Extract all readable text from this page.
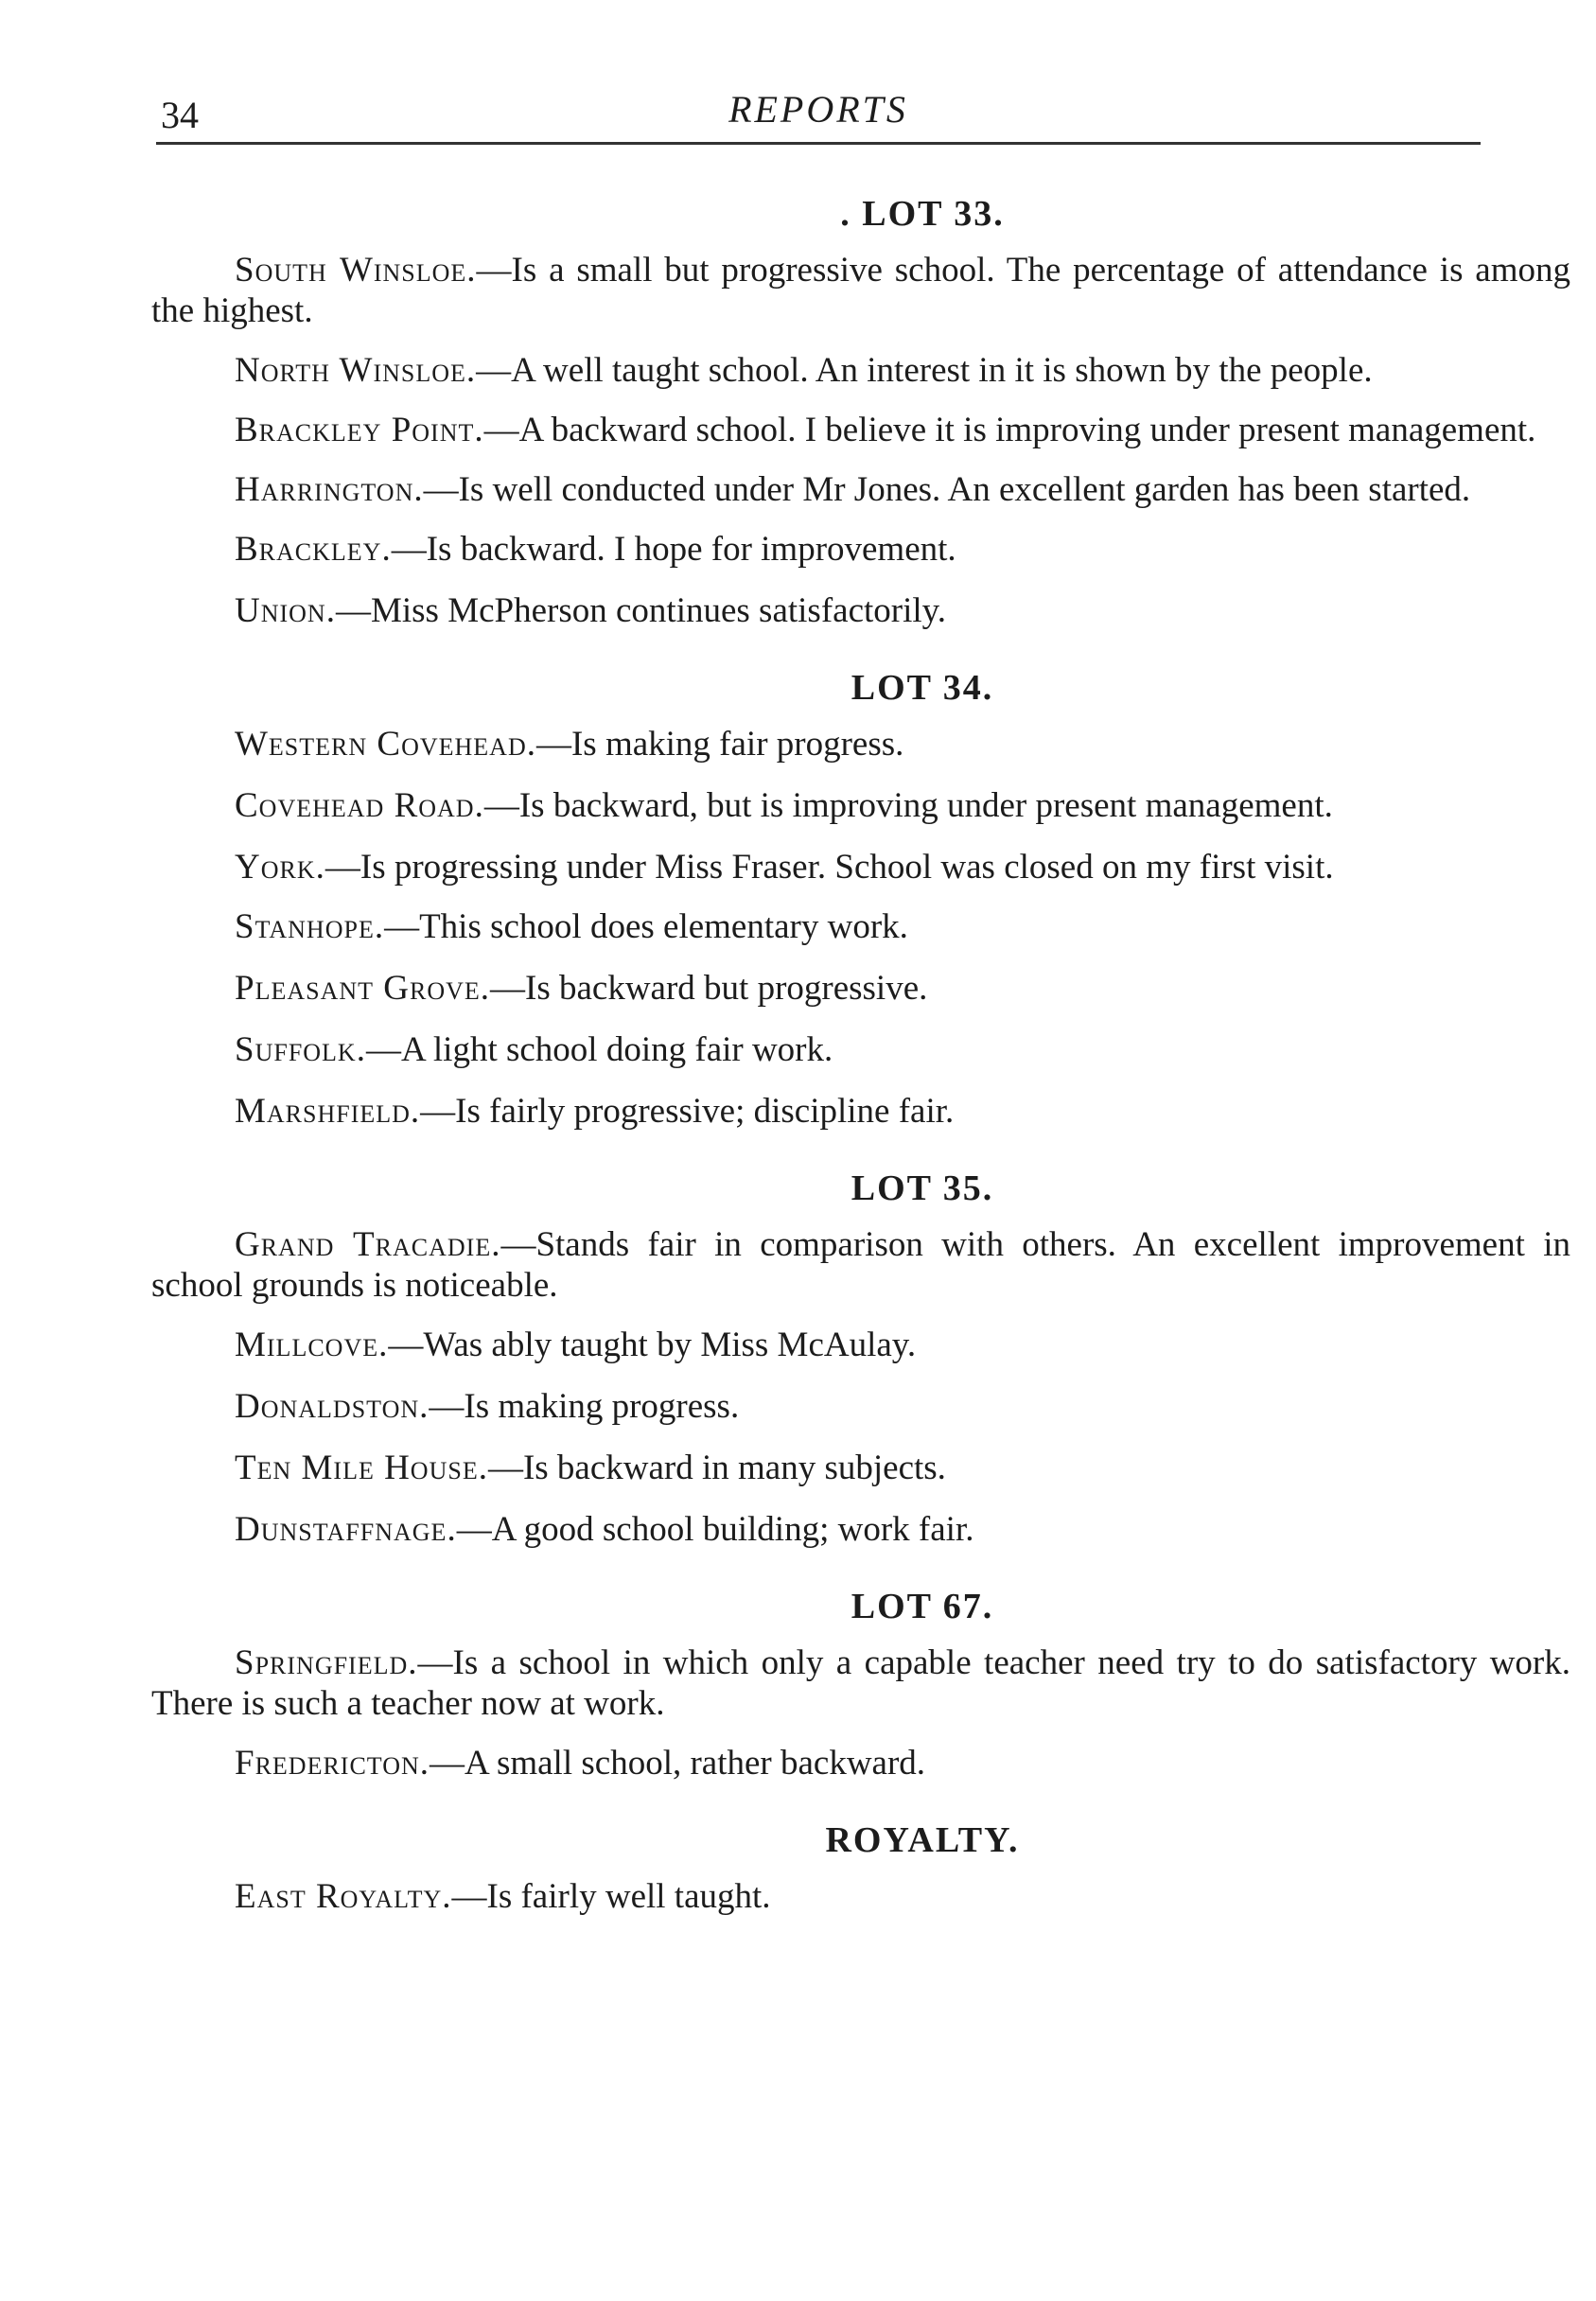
34	REPORTS
. LOT 33.

South Winsloe.—Is a small but progressive school. The percentage of attendance is among the highest.

North Winsloe.—A well taught school. An interest in it is shown by the people.

Brackley Point.—A backward school. I believe it is improving under present management.

Harrington.—Is well conducted under Mr Jones. An excellent garden has been started.

Brackley.—Is backward. I hope for improvement.

Union.—Miss McPherson continues satisfactorily.

LOT 34.

Western Covehead.—Is making fair progress.

Covehead Road.—Is backward, but is improving under present management.

York.—Is progressing under Miss Fraser. School was closed on my first visit.

Stanhope.—This school does elementary work.

Pleasant Grove.—Is backward but progressive.

Suffolk.—A light school doing fair work.

Marshfield.—Is fairly progressive; discipline fair.

LOT 35.

Grand Tracadie.—Stands fair in comparison with others. An excellent improvement in school grounds is noticeable.

Millcove.—Was ably taught by Miss McAulay.

Donaldston.—Is making progress.

Ten Mile House.—Is backward in many subjects.

Dunstaffnage.—A good school building; work fair.

LOT 67.

Springfield.—Is a school in which only a capable teacher need try to do satisfactory work. There is such a teacher now at work.

Fredericton.—A small school, rather backward.

ROYALTY.

East Royalty.—Is fairly well taught.
